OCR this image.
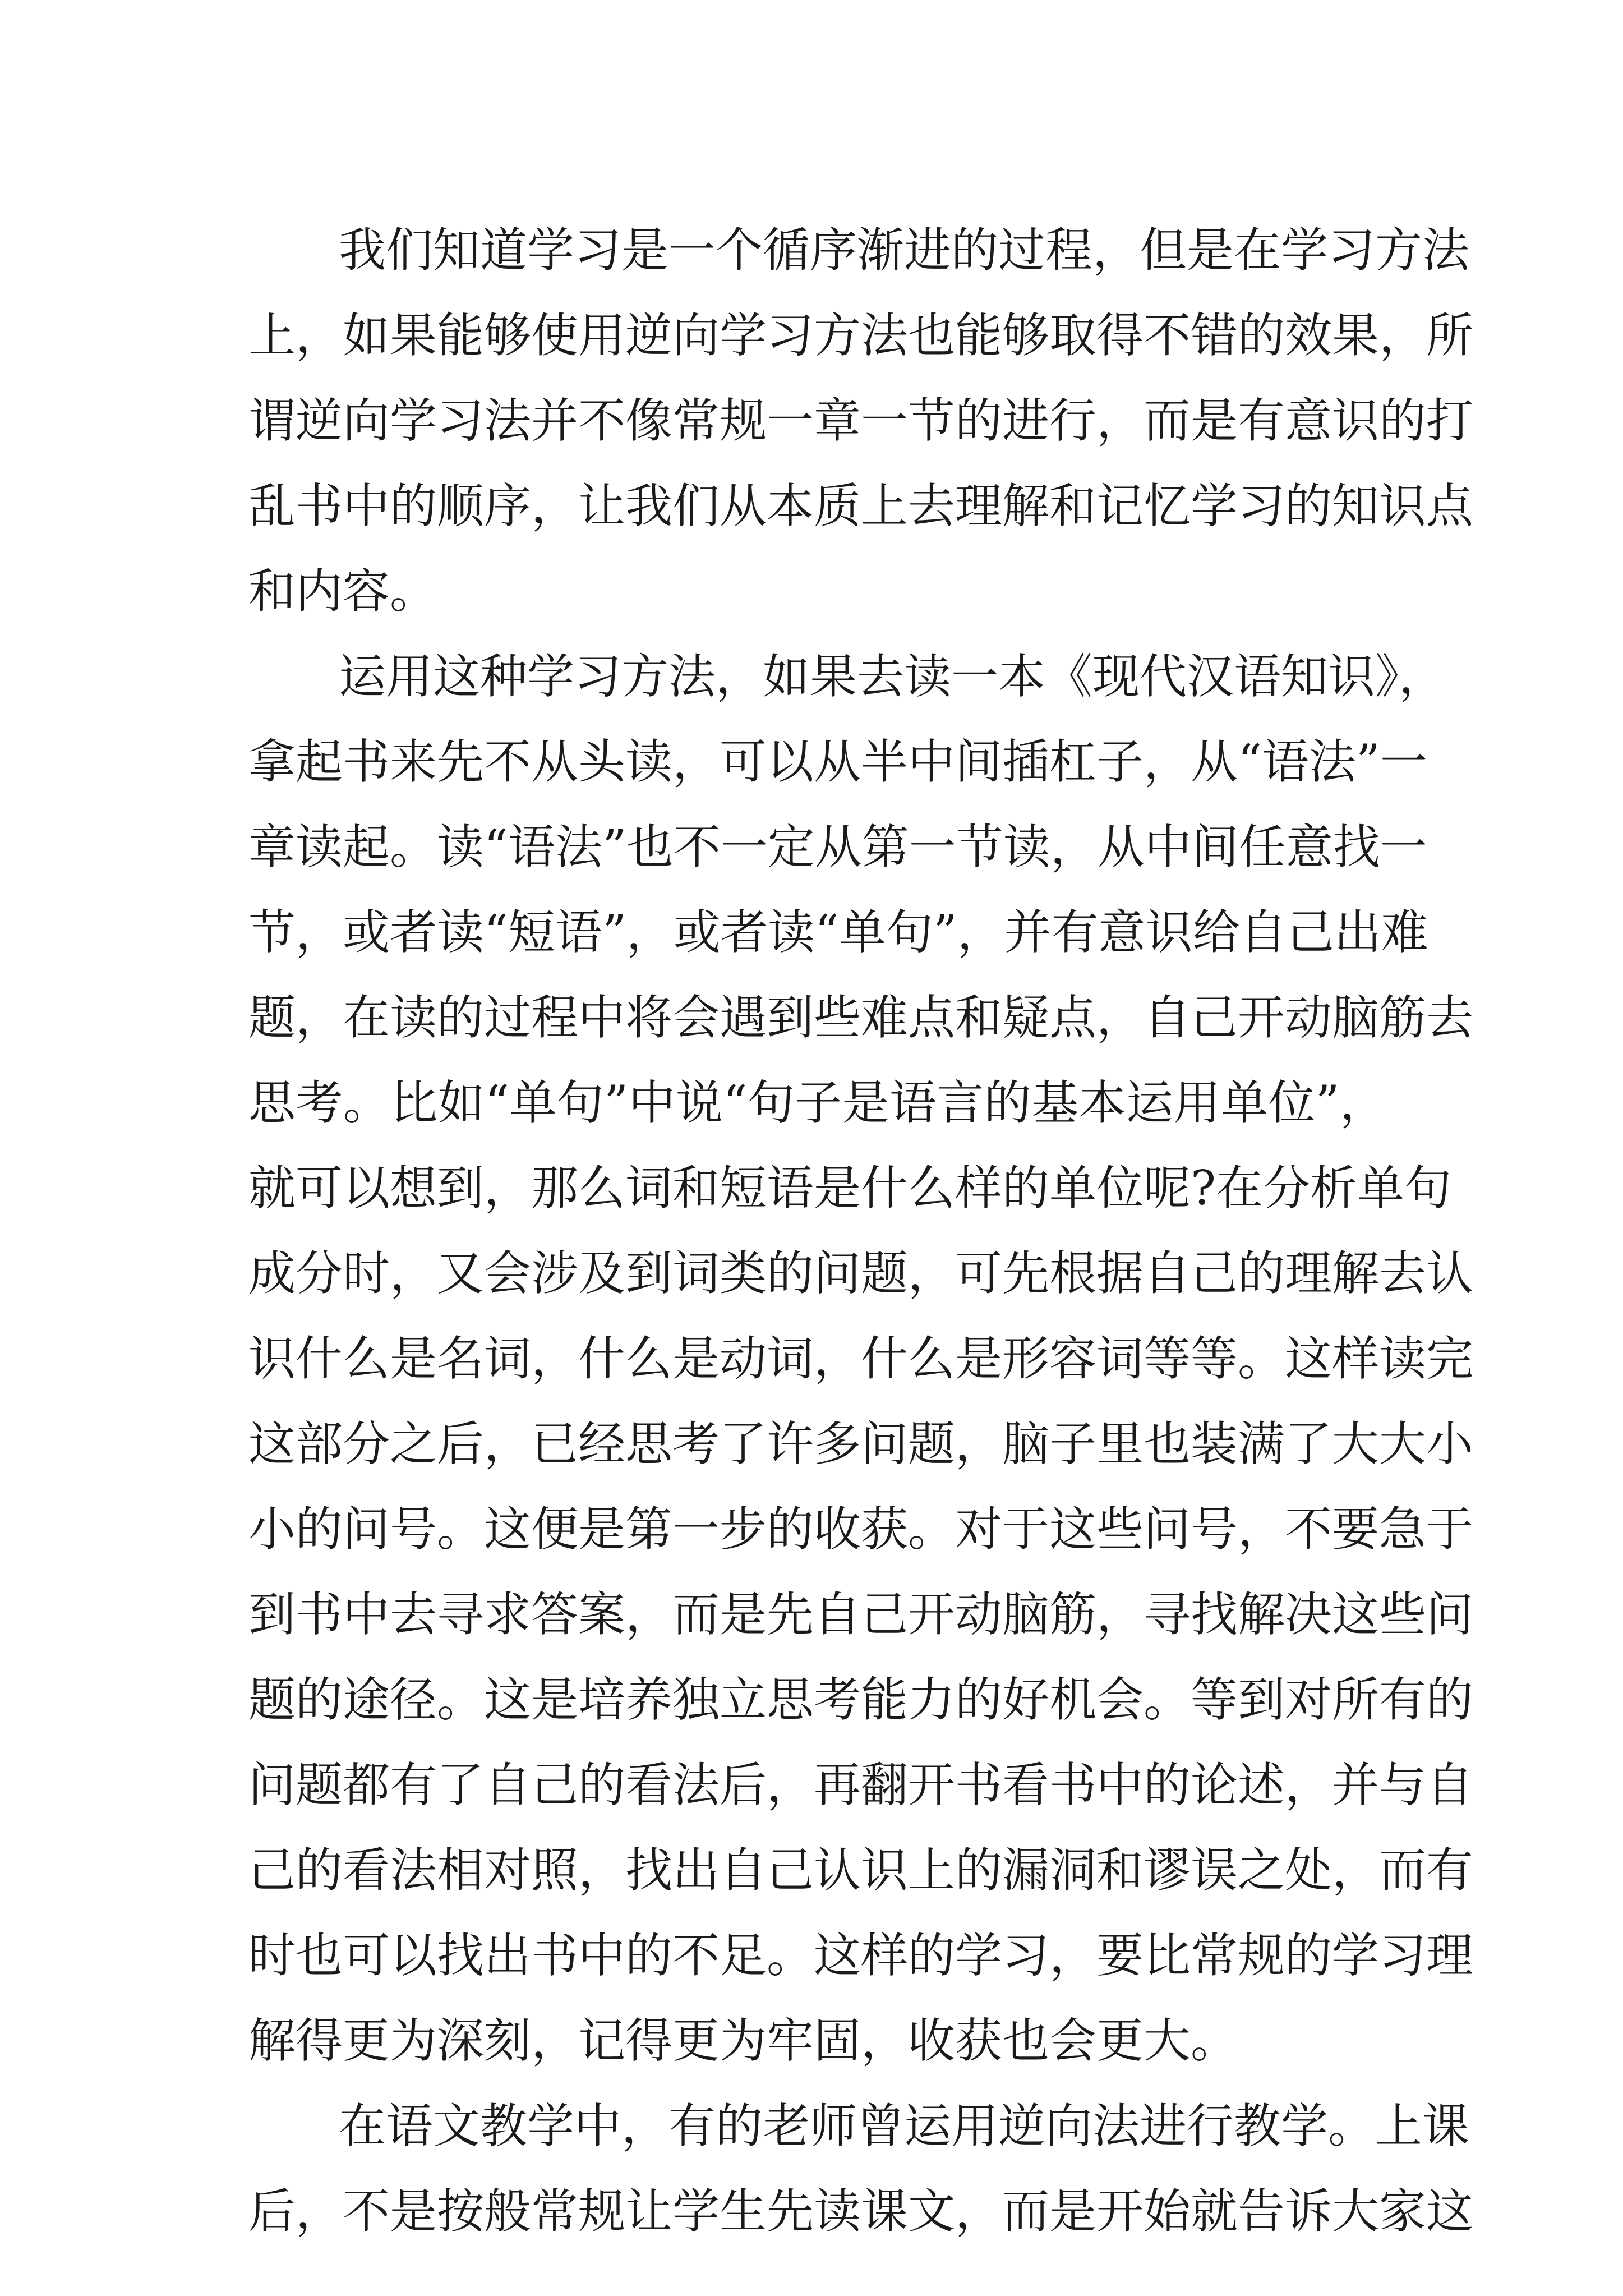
我们知道学习是一个循序渐进的过程，但是在学习方法
上，如果能够使用逆向学习方法也能够取得不错的效果，所
谓逆向学习法并不像常规一章一节的进行，而是有意识的打
乱书中的顺序，让我们从本质上去理解和记忆学习的知识点
和内容。
运用这种学习方法，如果去读一本《现代汉语知识》，
拿起书来先不从头读，可以从半中间插杠子，从“语法”一
章读起。读“语法”也不一定从第一节读，从中间任意找一
节，或者读“短语”，或者读“单句”，并有意识给自己出难
题，在读的过程中将会遇到些难点和疑点，自己开动脑筋去
思考。比如“单句”中说“句子是语言的基本运用单位”，
就可以想到，那么词和短语是什么样的单位呢?在分析单句
成分时，又会涉及到词类的问题，可先根据自己的理解去认
识什么是名词，什么是动词，什么是形容词等等。这样读完
这部分之后，已经思考了许多问题，脑子里也装满了大大小
小的问号。这便是第一步的收获。对于这些问号，不要急于
到书中去寻求答案，而是先自己开动脑筋，寻找解决这些问
题的途径。这是培养独立思考能力的好机会。等到对所有的
问题都有了自己的看法后，再翻开书看书中的论述，并与自
己的看法相对照，找出自己认识上的漏洞和谬误之处，而有
时也可以找出书中的不足。这样的学习，要比常规的学习理
解得更为深刻，记得更为牢固，收获也会更大。
在语文教学中，有的老师曾运用逆向法进行教学。上课
后，不是按般常规让学生先读课文，而是开始就告诉大家这
